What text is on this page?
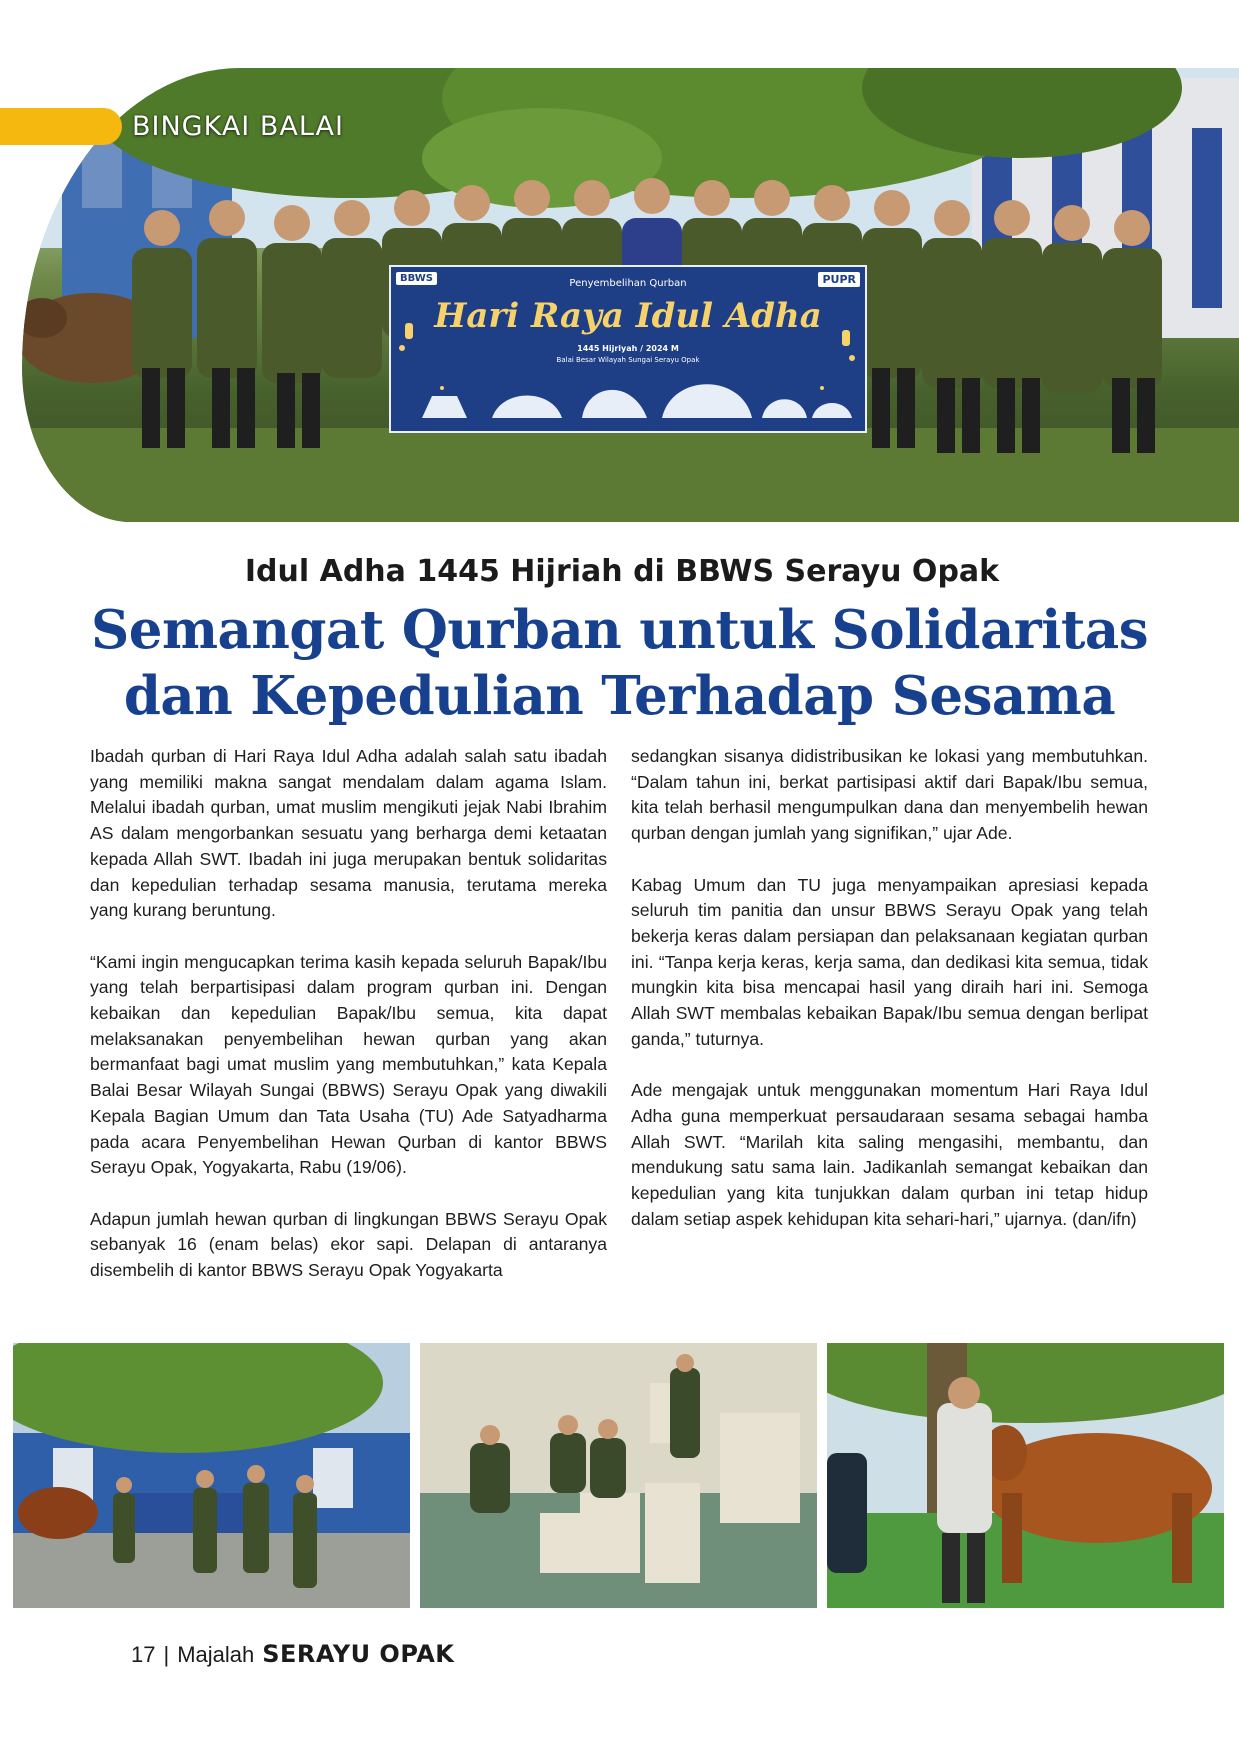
BBWS	PUPR
Penyembelihan Qurban
Hari Raya Idul Adha
1445 Hijriyah / 2024 M
Balai Besar Wilayah Sungai Serayu Opak
BINGKAI BALAI
Idul Adha 1445 Hijriah di BBWS Serayu Opak
Semangat Qurban untuk Solidaritas
dan Kepedulian Terhadap Sesama

Ibadah qurban di Hari Raya Idul Adha adalah salah satu ibadah yang memiliki makna sangat mendalam dalam agama Islam. Melalui ibadah qurban, umat muslim mengikuti jejak Nabi Ibrahim AS dalam mengorbankan sesuatu yang berharga demi ketaatan kepada Allah SWT. Ibadah ini juga merupakan bentuk solidaritas dan kepedulian terhadap sesama manusia, terutama mereka yang kurang beruntung.

“Kami ingin mengucapkan terima kasih kepada seluruh Bapak/Ibu yang telah berpartisipasi dalam program qurban ini. Dengan kebaikan dan kepedulian Bapak/Ibu semua, kita dapat melaksanakan penyembelihan hewan qurban yang akan bermanfaat bagi umat muslim yang membutuhkan,” kata Kepala Balai Besar Wilayah Sungai (BBWS) Serayu Opak yang diwakili Kepala Bagian Umum dan Tata Usaha (TU) Ade Satyadharma pada acara Penyembelihan Hewan Qurban di kantor BBWS Serayu Opak, Yogyakarta, Rabu (19/06).

Adapun jumlah hewan qurban di lingkungan BBWS Serayu Opak sebanyak 16 (enam belas) ekor sapi. Delapan di antaranya disembelih di kantor BBWS Serayu Opak Yogyakarta

sedangkan sisanya didistribusikan ke lokasi yang membutuhkan. “Dalam tahun ini, berkat partisipasi aktif dari Bapak/Ibu semua, kita telah berhasil mengumpulkan dana dan menyembelih hewan qurban dengan jumlah yang signifikan,” ujar Ade.

Kabag Umum dan TU juga menyampaikan apresiasi kepada seluruh tim panitia dan unsur BBWS Serayu Opak yang telah bekerja keras dalam persiapan dan pelaksanaan kegiatan qurban ini. “Tanpa kerja keras, kerja sama, dan dedikasi kita semua, tidak mungkin kita bisa mencapai hasil yang diraih hari ini. Semoga Allah SWT membalas kebaikan Bapak/Ibu semua dengan berlipat ganda,” tuturnya.

Ade mengajak untuk menggunakan momentum Hari Raya Idul Adha guna memperkuat persaudaraan sesama sebagai hamba Allah SWT. “Marilah kita saling mengasihi, membantu, dan mendukung satu sama lain. Jadikanlah semangat kebaikan dan kepedulian yang kita tunjukkan dalam qurban ini tetap hidup dalam setiap aspek kehidupan kita sehari-hari,” ujarnya. (dan/ifn)

17 | Majalah SERAYU OPAK
